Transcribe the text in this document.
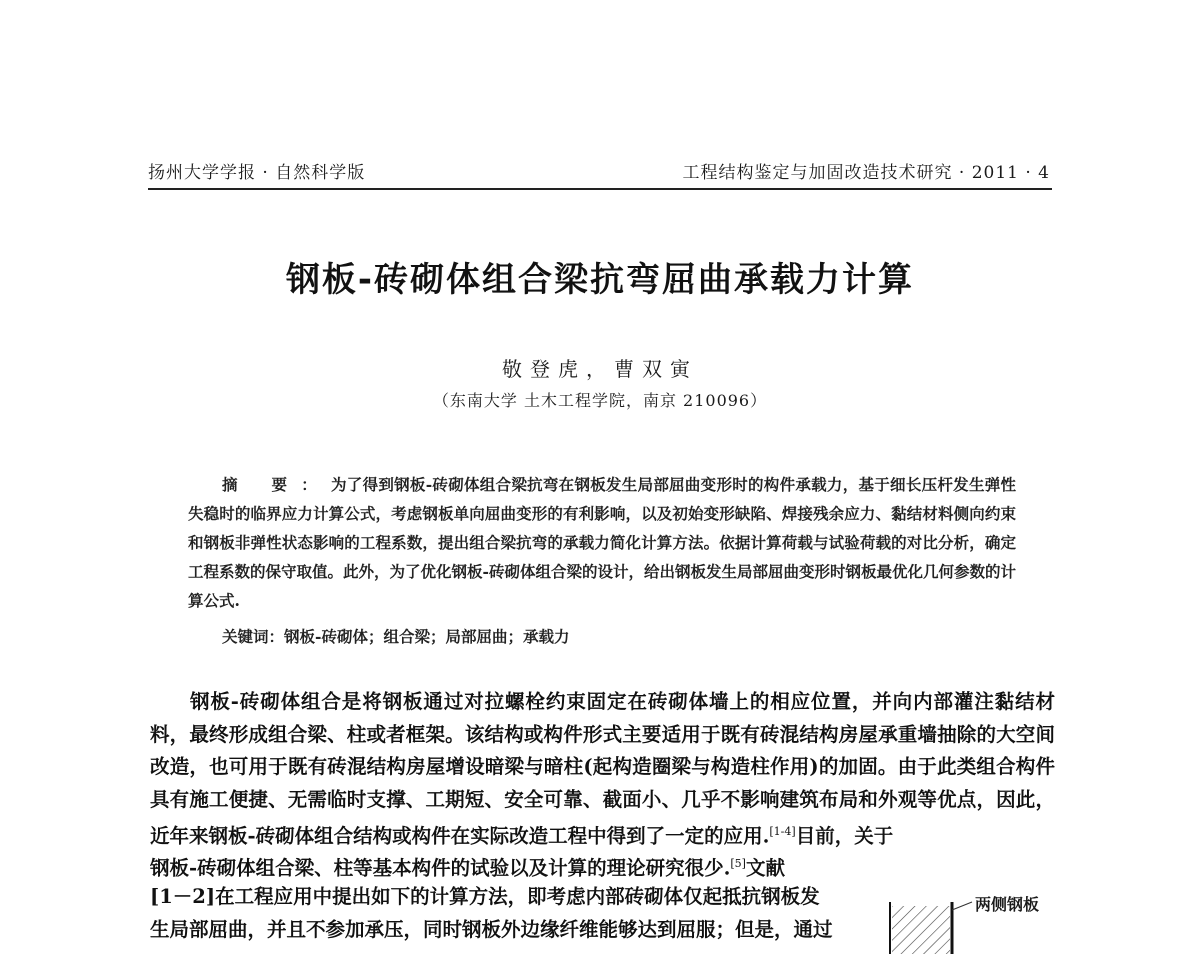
扬州大学学报 · 自然科学版	工程结构鉴定与加固改造技术研究 · 2011 · 4
钢板-砖砌体组合梁抗弯屈曲承载力计算
敬登虎，曹双寅
（东南大学 土木工程学院，南京 210096）
摘 要：为了得到钢板-砖砌体组合梁抗弯在钢板发生局部屈曲变形时的构件承载力，基于细长压杆发生弹性失稳时的临界应力计算公式，考虑钢板单向屈曲变形的有利影响，以及初始变形缺陷、焊接残余应力、黏结材料侧向约束和钢板非弹性状态影响的工程系数，提出组合梁抗弯的承载力简化计算方法。依据计算荷载与试验荷载的对比分析，确定工程系数的保守取值。此外，为了优化钢板-砖砌体组合梁的设计，给出钢板发生局部屈曲变形时钢板最优化几何参数的计算公式.
关键词：钢板-砖砌体；组合梁；局部屈曲；承载力
钢板-砖砌体组合是将钢板通过对拉螺栓约束固定在砖砌体墙上的相应位置，并向内部灌注黏结材料，最终形成组合梁、柱或者框架。该结构或构件形式主要适用于既有砖混结构房屋承重墙抽除的大空间改造，也可用于既有砖混结构房屋增设暗梁与暗柱(起构造圈梁与构造柱作用)的加固。由于此类组合构件具有施工便捷、无需临时支撑、工期短、安全可靠、截面小、几乎不影响建筑布局和外观等优点，因此，近年来钢板-砖砌体组合结构或构件在实际改造工程中得到了一定的应用.[1-4]目前，关于
钢板-砖砌体组合梁、柱等基本构件的试验以及计算的理论研究很少.[5]文献
[1－2]在工程应用中提出如下的计算方法，即考虑内部砖砌体仅起抵抗钢板发
生局部屈曲，并且不参加承压，同时钢板外边缘纤维能够达到屈服；但是，通过
两侧钢板
